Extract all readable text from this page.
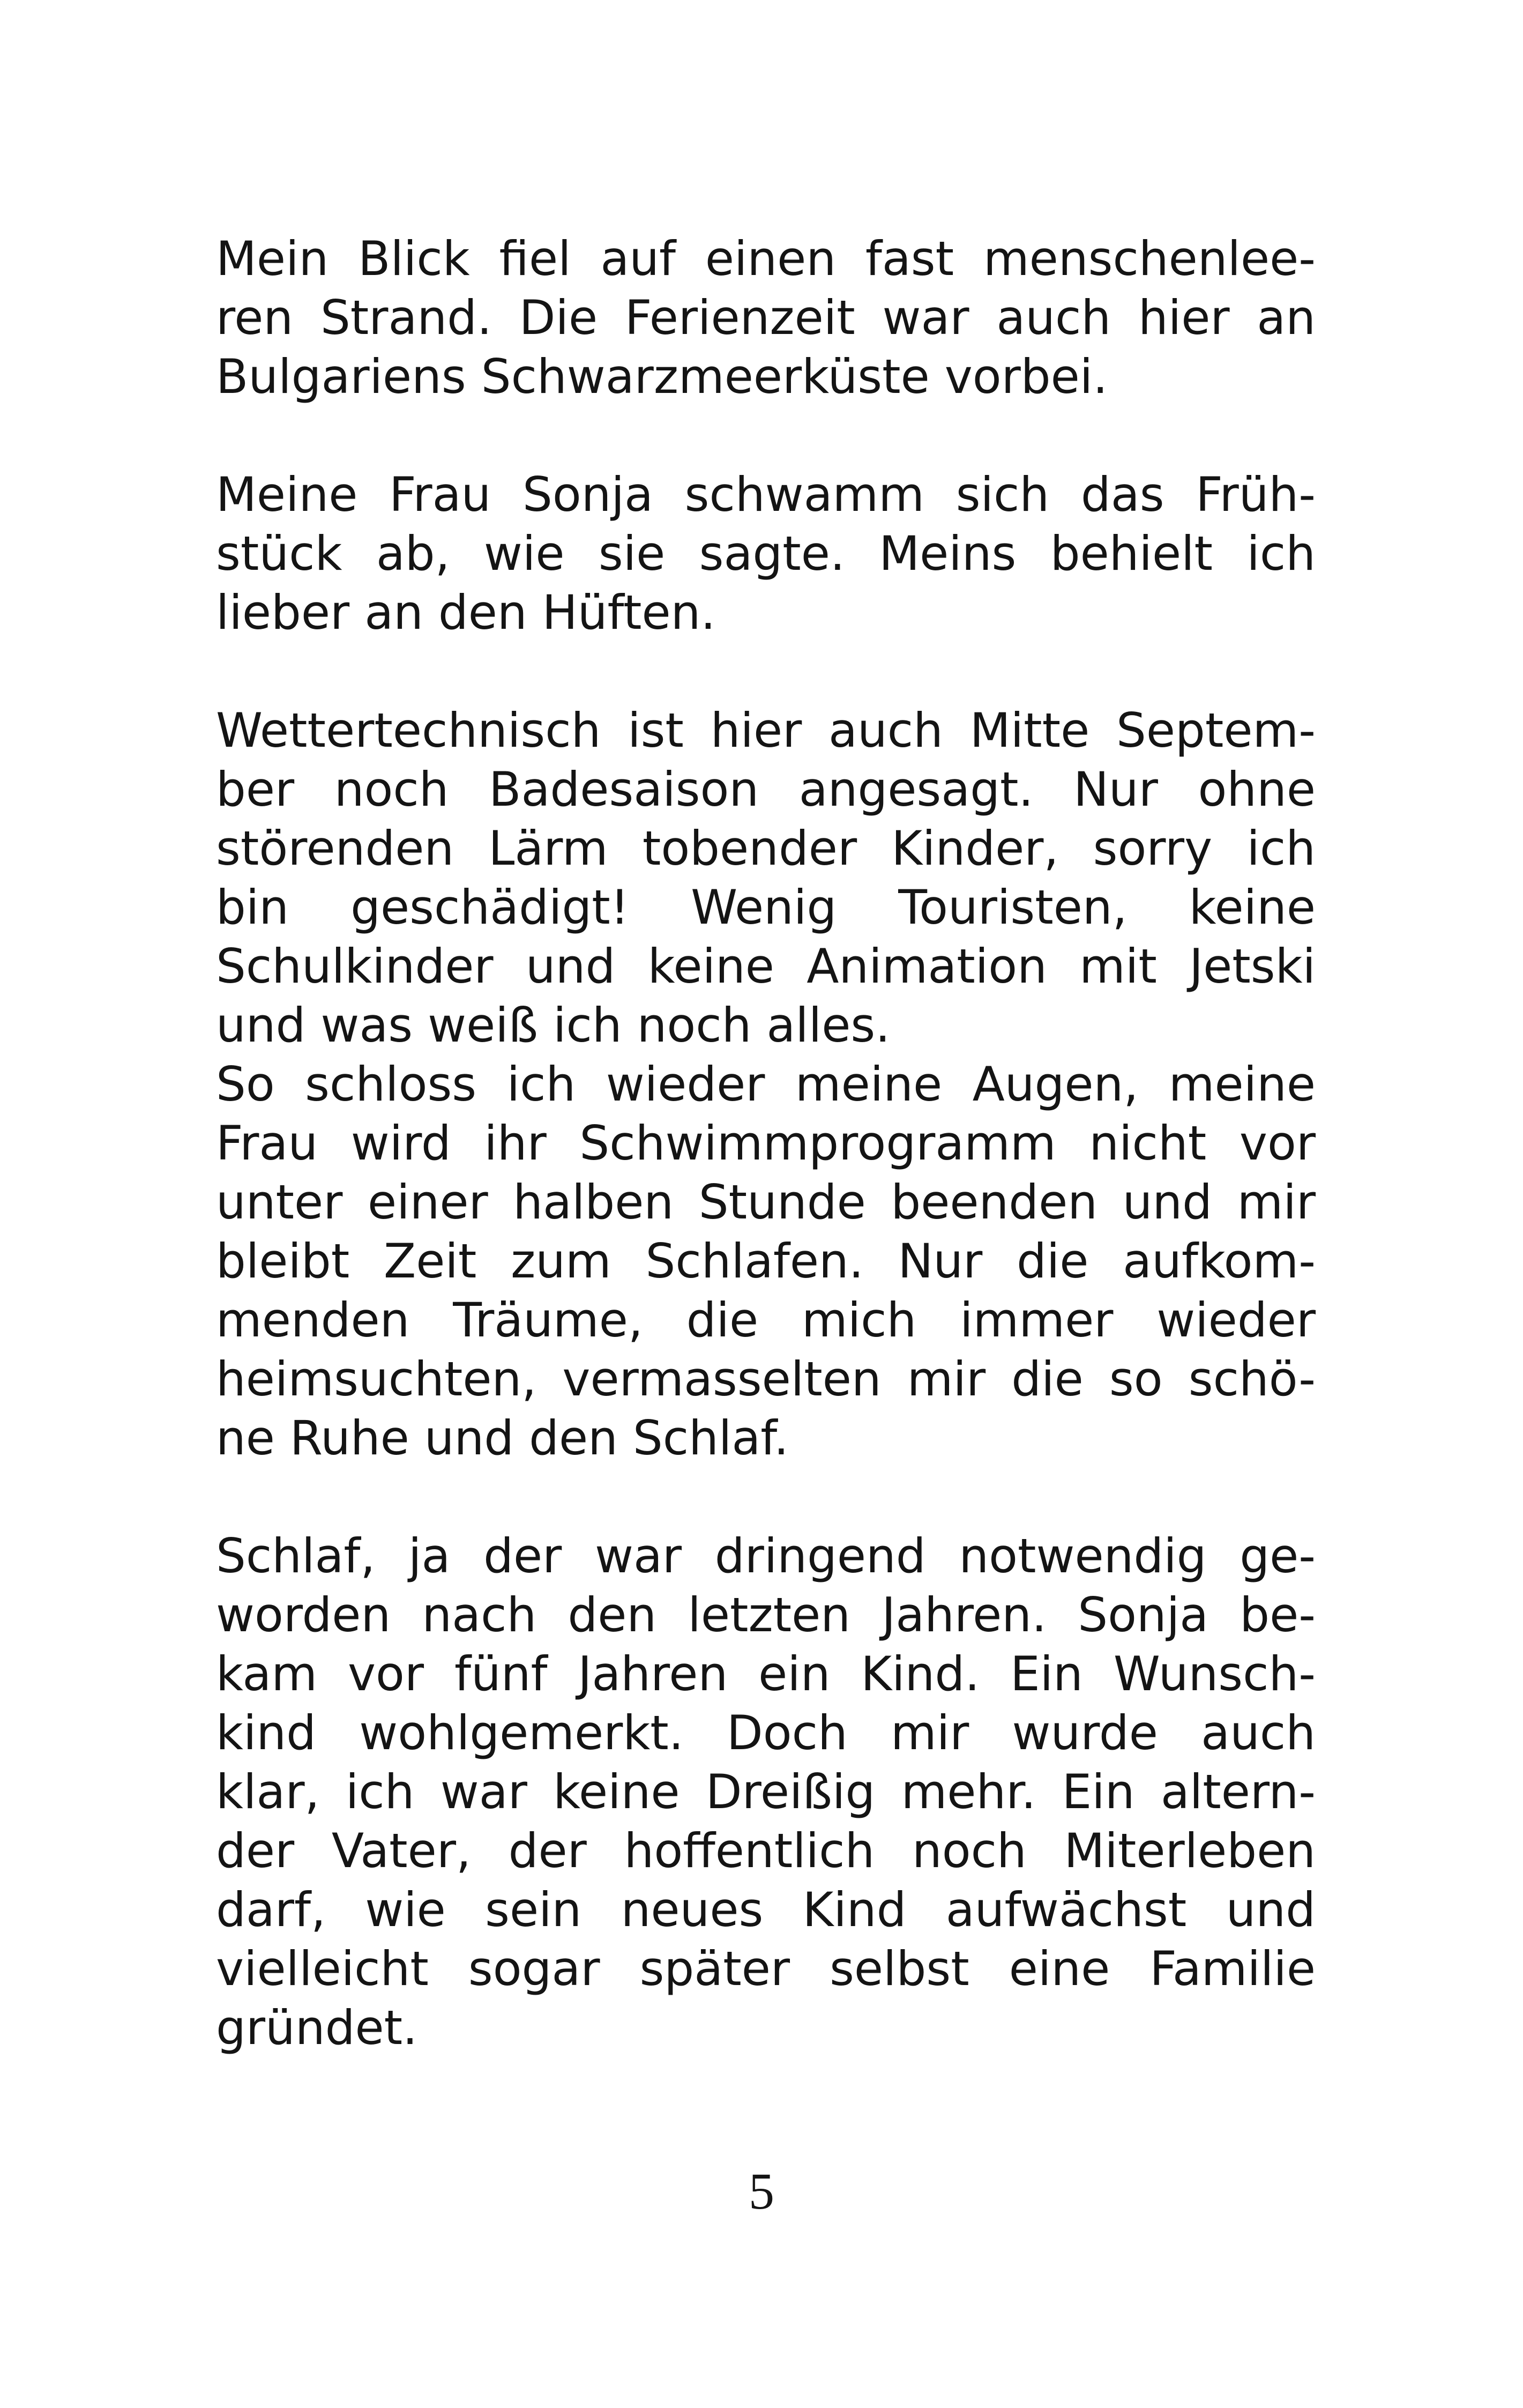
Mein Blick fiel auf einen fast menschenlee-
ren Strand. Die Ferienzeit war auch hier an
Bulgariens Schwarzmeerküste vorbei.
Meine Frau Sonja schwamm sich das Früh-
stück ab, wie sie sagte. Meins behielt ich
lieber an den Hüften.
Wettertechnisch ist hier auch Mitte Septem-
ber noch Badesaison angesagt. Nur ohne
störenden Lärm tobender Kinder, sorry ich
bin geschädigt! Wenig Touristen, keine
Schulkinder und keine Animation mit Jetski
und was weiß ich noch alles.
So schloss ich wieder meine Augen, meine
Frau wird ihr Schwimmprogramm nicht vor
unter einer halben Stunde beenden und mir
bleibt Zeit zum Schlafen. Nur die aufkom-
menden Träume, die mich immer wieder
heimsuchten, vermasselten mir die so schö-
ne Ruhe und den Schlaf.
Schlaf, ja der war dringend notwendig ge-
worden nach den letzten Jahren. Sonja be-
kam vor fünf Jahren ein Kind. Ein Wunsch-
kind wohlgemerkt. Doch mir wurde auch
klar, ich war keine Dreißig mehr. Ein altern-
der Vater, der hoffentlich noch Miterleben
darf, wie sein neues Kind aufwächst und
vielleicht sogar später selbst eine Familie
gründet.
5
